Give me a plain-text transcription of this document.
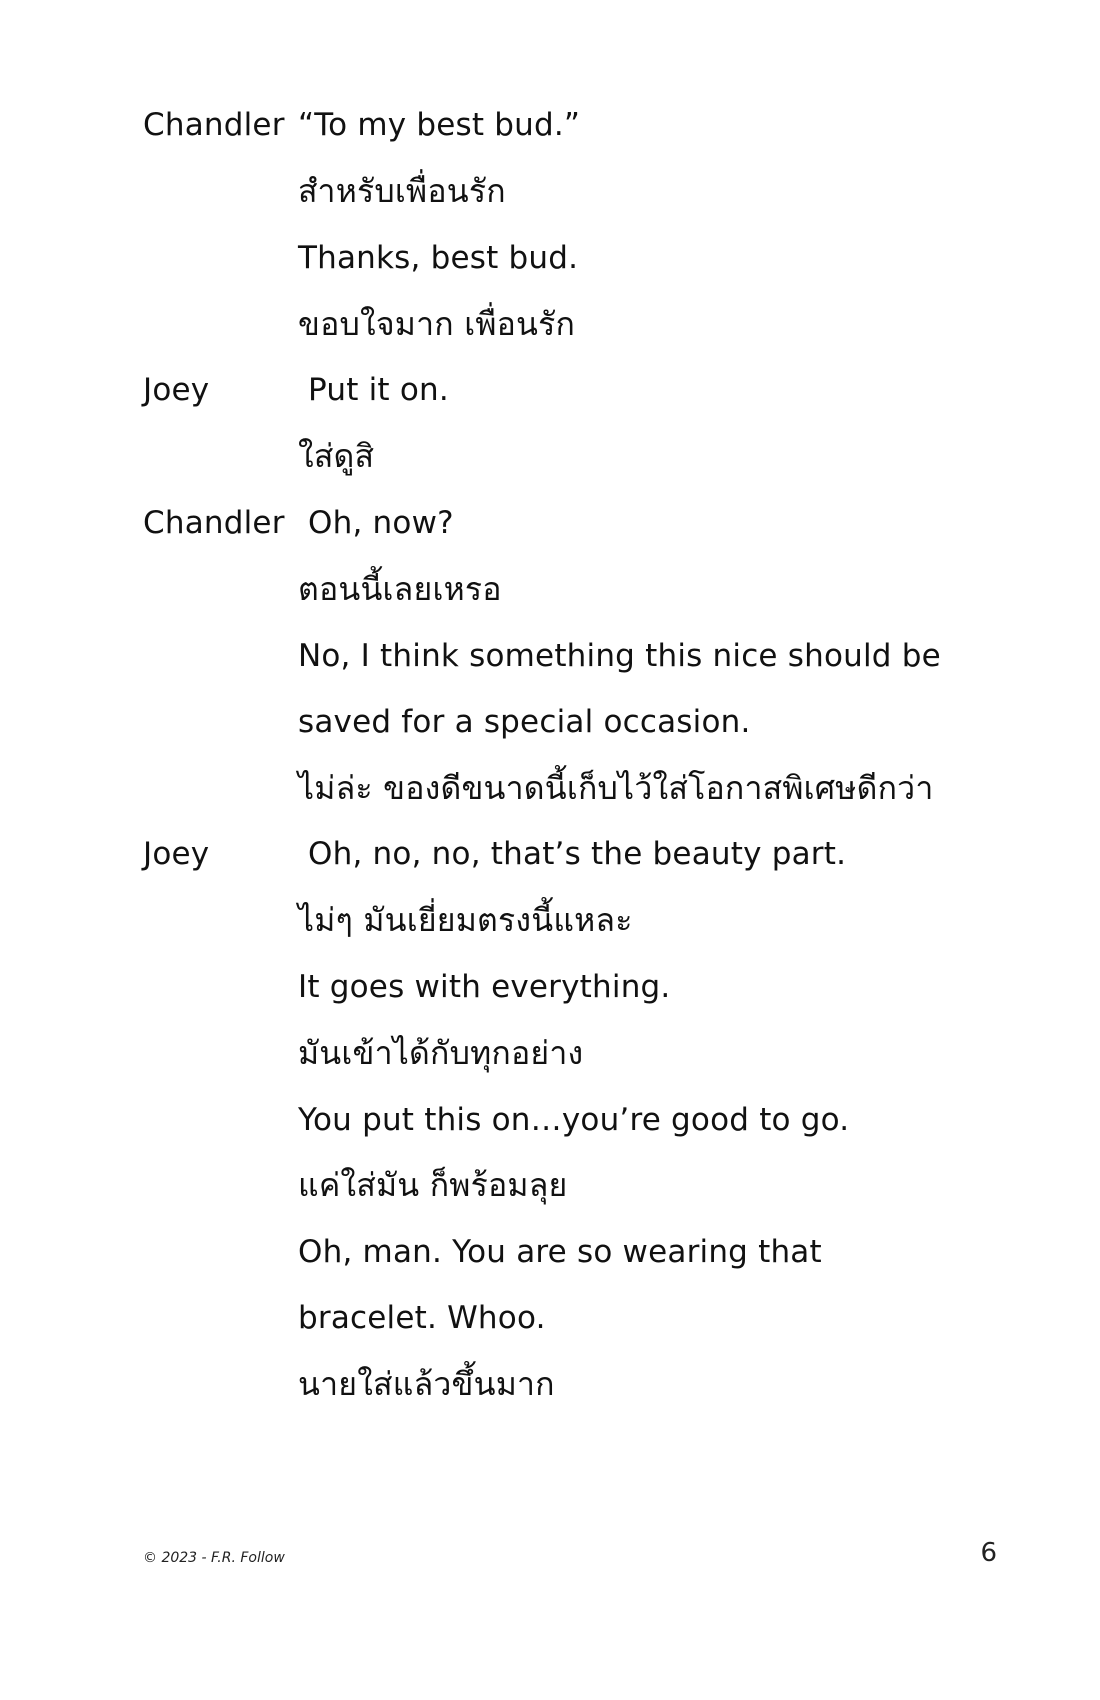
Chandler “To my best bud.”
สำหรับเพื่อนรัก
Thanks, best bud.
ขอบใจมาก เพื่อนรัก
Joey	Put it on.
ใส่ดูสิ
Chandler Oh, now?
ตอนนี้เลยเหรอ
No, I think something this nice should be
saved for a special occasion.
ไม่ล่ะ ของดีขนาดนี้เก็บไว้ใส่โอกาสพิเศษดีกว่า
Joey	Oh, no, no, that’s the beauty part.
ไม่ๆ มันเยี่ยมตรงนี้แหละ
It goes with everything.
มันเข้าได้กับทุกอย่าง
You put this on…you’re good to go.
แค่ใส่มัน ก็พร้อมลุย
Oh, man. You are so wearing that
bracelet. Whoo.
นายใส่แล้วขึ้นมาก
© 2023 - F.R. Follow	6
